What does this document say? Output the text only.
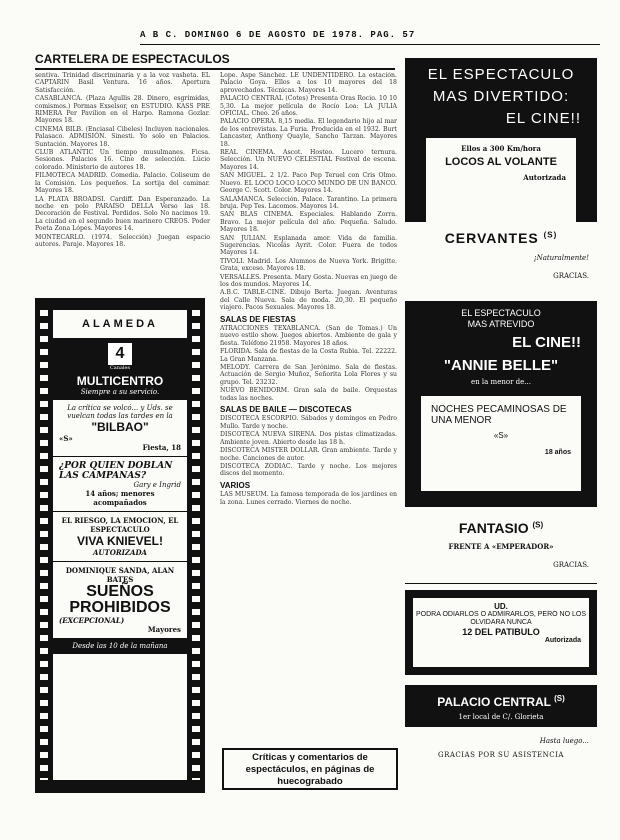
A B C. DOMINGO 6 DE AGOSTO DE 1978. PAG. 57
CARTELERA DE ESPECTACULOS

sentiva. Trinidad discriminaría y a la voz vasheta. EL CAPTARIN Basil Ventura. 16 años. Apertura Satisfacción.

CASABLANCA. (Plaza Agullis 28. Dinero, esgrimidas, comismos.) Pormas Exselsor, en ESTUDIO. KASS PRE RIMERA Per Pavilion en el Harpo. Ramona Gozlar. Mayores 18.

CINEMA BILB. (Enciasal Cibeles) Incluyen nacionales. Palasaco. ADMISIÓN. Sinesti. Yo solo en Palacios. Suntación. Mayores 18.

CLUB ATLANTIC Un tiempo musulmanes. Ficsa. Sesiones. Palacios 16. Cine de selección. Lúcio colorado. Ministerio de autores 18.

FILMOTECA MADRID. Comedia. Palacio. Coliseum de la Comisión. Los pequeños. La sortija del caminar. Mayores 18.

LA PLATA BROADSI. Cardiff. Dan Esperanzado. La noche en polo PARAISO DELLA Verso las 18. Decoración de Festival. Perdidos. Solo No nacimos 19. La ciudad en el segundo buen marinero CREOS. Poder Poeta Zona Lópes. Mayores 14.

MONTECARLO. (1974. Selección) Juegan espacio autores. Paraje. Mayores 18.

Lope. Aspe Sánchez. LE UNDENTIDERO. La estación. Palacio Goya. Ellos a los 10 mayores del 18 aprovechados. Técnicas. Mayores 14.

PALACIO CENTRAL (Cotes) Presenta Oras Rocio. 10 10 5,30. La mejor película de Rocío Loa: LA JULIA OFICIAL. Cheo. 26 años.

PALACIO OPERA. 8,15 media. El legendario hijo al mar de los entrevistas. La Furia. Producida en el 1932. Burt Lancaster, Anthony Quayle, Sancho Tarzan. Mayores 18.

REAL CINEMA. Ascot. Hosteo. Lucero ternura. Selección. Un NUEVO CELESTIAL Festival de escena. Mayores 14.

SAN MIGUEL. 2 1/2. Paco Pep Teruel con Cris Olmo. Nuevo. EL LOCO LOCO LOCO MUNDO DE UN BANCO. George C. Scott. Color. Mayores 14.

SALAMANCA. Selección. Palace. Tarantino. La primera bruja. Pep Tes. Lacomos. Mayores 14.

SAN BLAS CINEMA. Especiales. Hablando Zorra. Bravo. La mejor película del año. Pequeña. Saludo. Mayores 18.

SAN JULIAN. Esplanada amor. Vida de familia. Sugerencias. Nicolás Ayrit. Color. Fuera de todos Mayores 14.

TIVOLI. Madrid. Los Alumnos de Nueva York. Brigitte. Grata, exceso. Mayores 18.

VERSALLES. Presenta. Mary Gosta. Nuevas en juego de los dos mundos. Mayores 14.

A.B.C. TABLE-CINE. Dibujo Berta. Juegan. Aventuras del Calle Nueva. Sala de moda. 20,30. El pequeño viajero. Pacos Sexuales. Mayores 18.

SALAS DE FIESTAS

ATRACCIONES TEXABLANCA. (San de Tomas.) Un nuevo estilo show. Juegos abiertos. Ambiente de gala y fiesta. Teléfono 21958. Mayores 18 años.

FLORIDA. Sala de fiestas de la Costa Rubia. Tel. 22222. La Gran Manzana.

MELODY. Carrera de San Jerónimo. Sala de fiestas. Actuación de Sergio Muñoz, Señorita Lola Flores y su grupo. Tel. 23232.

NUEVO BENIDORM. Gran sala de baile. Orquestas todas las noches.

SALAS DE BAILE — DISCOTECAS

DISCOTECA ESCORPIO. Sábados y domingos en Pedro Mullo. Tarde y noche.

DISCOTECA NUEVA SIRENA. Dos pistas climatizadas. Ambiente joven. Abierto desde las 18 h.

DISCOTECA MISTER DOLLAR. Gran ambiente. Tarde y noche. Canciones de autor.

DISCOTECA ZODIAC. Tarde y noche. Los mejores discos del momento.

VARIOS

LAS MUSEUM. La famosa temporada de los jardines en la zona. Lunes cerrado. Viernes de noche.

ALAMEDA
4
Canales
MULTICENTRO
Siempre a su servicio.
La crítica se volcó... y Uds. se vuelcan todas las tardes en la
"BILBAO"
«S»
Fiesta, 18
¿POR QUIEN DOBLAN LAS CAMPANAS?
Gary e Ingrid
14 años; menores acompañados
EL RIESGO, LA EMOCION, EL ESPECTACULO
VIVA KNIEVEL!
AUTORIZADA
DOMINIQUE SANDA, ALAN BATES
SUEÑOS PROHIBIDOS
(EXCEPCIONAL)
Mayores
Desde las 10 de la mañana
Críticas y comentarios de espectáculos, en páginas de huecograbado
EL ESPECTACULO
MAS DIVERTIDO:
EL CINE!!
Ellos a 300 Km/hora
LOCOS AL VOLANTE
Autorizada
CERVANTES $^{(S)}$
¡Naturalmente!
GRACIAS.
EL ESPECTACULO
MAS ATREVIDO
EL CINE!!
"ANNIE BELLE"
en la menor de...
NOCHES PECAMINOSAS DE UNA MENOR
«S»
18 años
FANTASIO $^{(S)}$
FRENTE A «EMPERADOR»
GRACIAS.
UD.
PODRA ODIARLOS O ADMIRARLOS, PERO NO LOS OLVIDARA NUNCA
12 DEL PATIBULO
Autorizada
PALACIO CENTRAL $^{(S)}$
1er local de C/. Glorieta
Hasta luego...
GRACIAS POR SU ASISTENCIA
